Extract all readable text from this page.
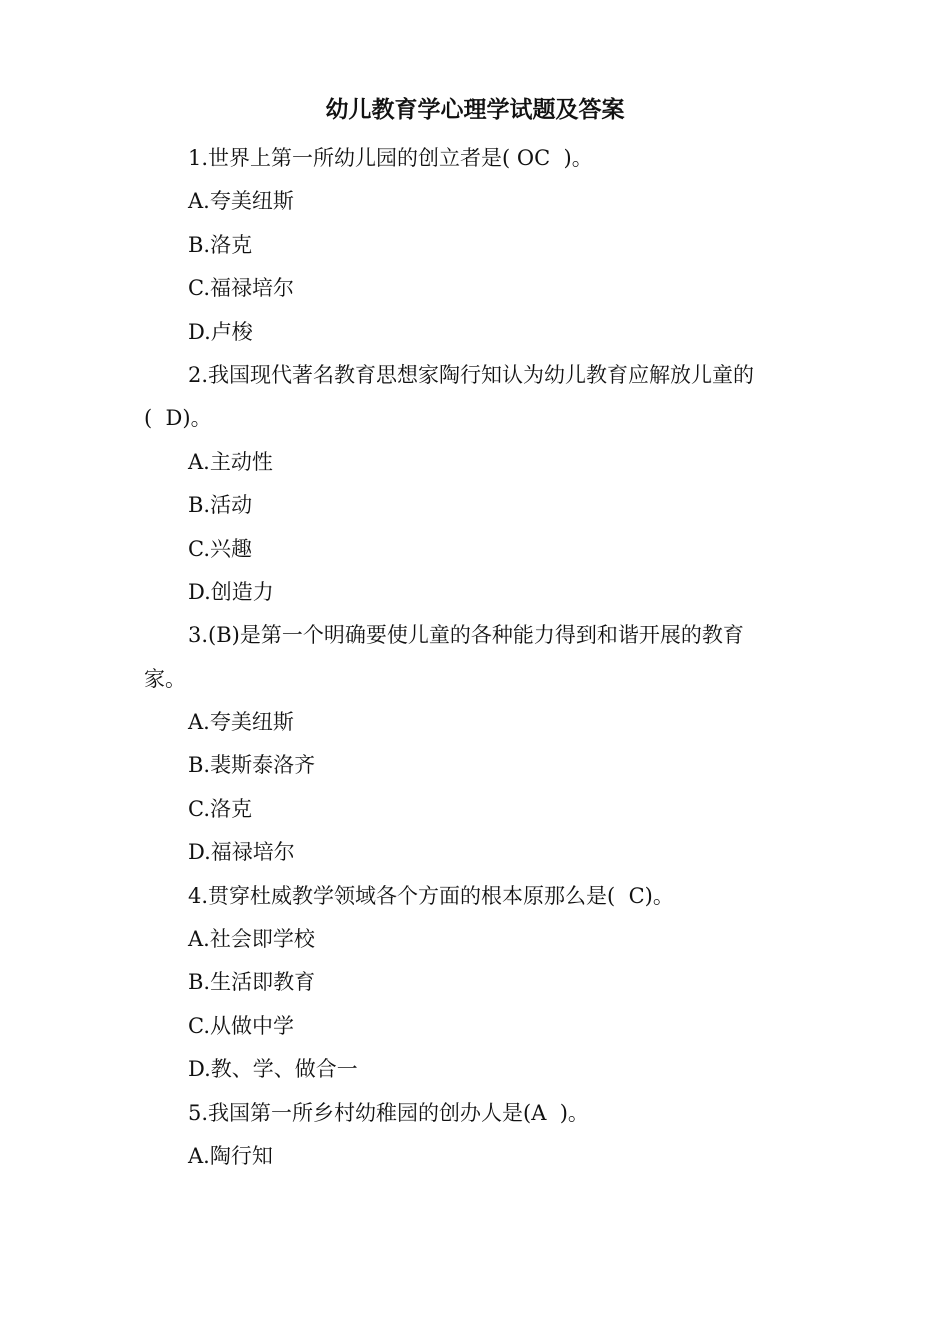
幼儿教育学心理学试题及答案

1.世界上第一所幼儿园的创立者是( OC  )。

A.夸美纽斯

B.洛克

C.福禄培尔

D.卢梭

2.我国现代著名教育思想家陶行知认为幼儿教育应解放儿童的

(  D)。

A.主动性

B.活动

C.兴趣

D.创造力

3.(B)是第一个明确要使儿童的各种能力得到和谐开展的教育

家。

A.夸美纽斯

B.裴斯泰洛齐

C.洛克

D.福禄培尔

4.贯穿杜威教学领域各个方面的根本原那么是(  C)。

A.社会即学校

B.生活即教育

C.从做中学

D.教、学、做合一

5.我国第一所乡村幼稚园的创办人是(A  )。

A.陶行知
